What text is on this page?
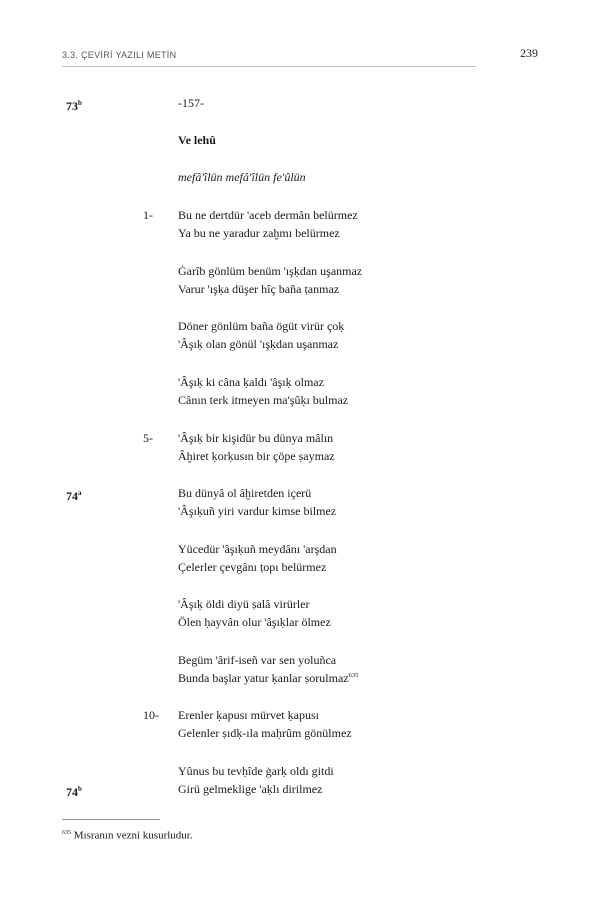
3.3. ÇEVİRİ YAZILI METİN	239
73$^b$
74$^a$
74$^b$
-157-
Ve lehû
mefâ'îlün mefâ'îlün fe'ûlün
1-
5-
10-
Bu ne dertdür 'aceb dermân belürmez
Ya bu ne yaradur zaḫmı belürmez
Ġarîb gönlüm benüm 'ışḳdan uşanmaz
Varur 'ışḳa düşer hîç baña ṭanmaz
Döner gönlüm baña ögüt virür çoḳ
'Âşıḳ olan gönül 'ışḳdan uşanmaz
'Âşıḳ ki câna ḳaldı 'âşıḳ olmaz
Cânın terk itmeyen ma'şûḳı bulmaz
'Âşıḳ bir kişidür bu dünya mâlın
Âḫiret ḳorḳusın bir çöpe ṣaymaz
Bu dünyâ ol âḫiretden içerü
'Âşıḳuñ yiri vardur kimse bilmez
Yücedür 'âşıḳuñ meydânı 'arşdan
Çelerler çevgânı ṭopı belürmez
'Âşıḳ öldi diyü ṣalâ virürler
Ölen ḥayvân olur 'âşıḳlar ölmez
Begüm 'ârif-iseñ var sen yoluñca
Bunda başlar yatur ḳanlar ṣorulmaz$^{635}$
Erenler ḳapusı mürvet ḳapusı
Gelenler ṣıdḳ-ıla maḥrûm gönülmez
Yûnus bu tevḥîde ġarḳ oldı gitdi
Girü gelmeklige 'aḳlı dirilmez
$^{635}$ Mısranın vezni kusurludur.
